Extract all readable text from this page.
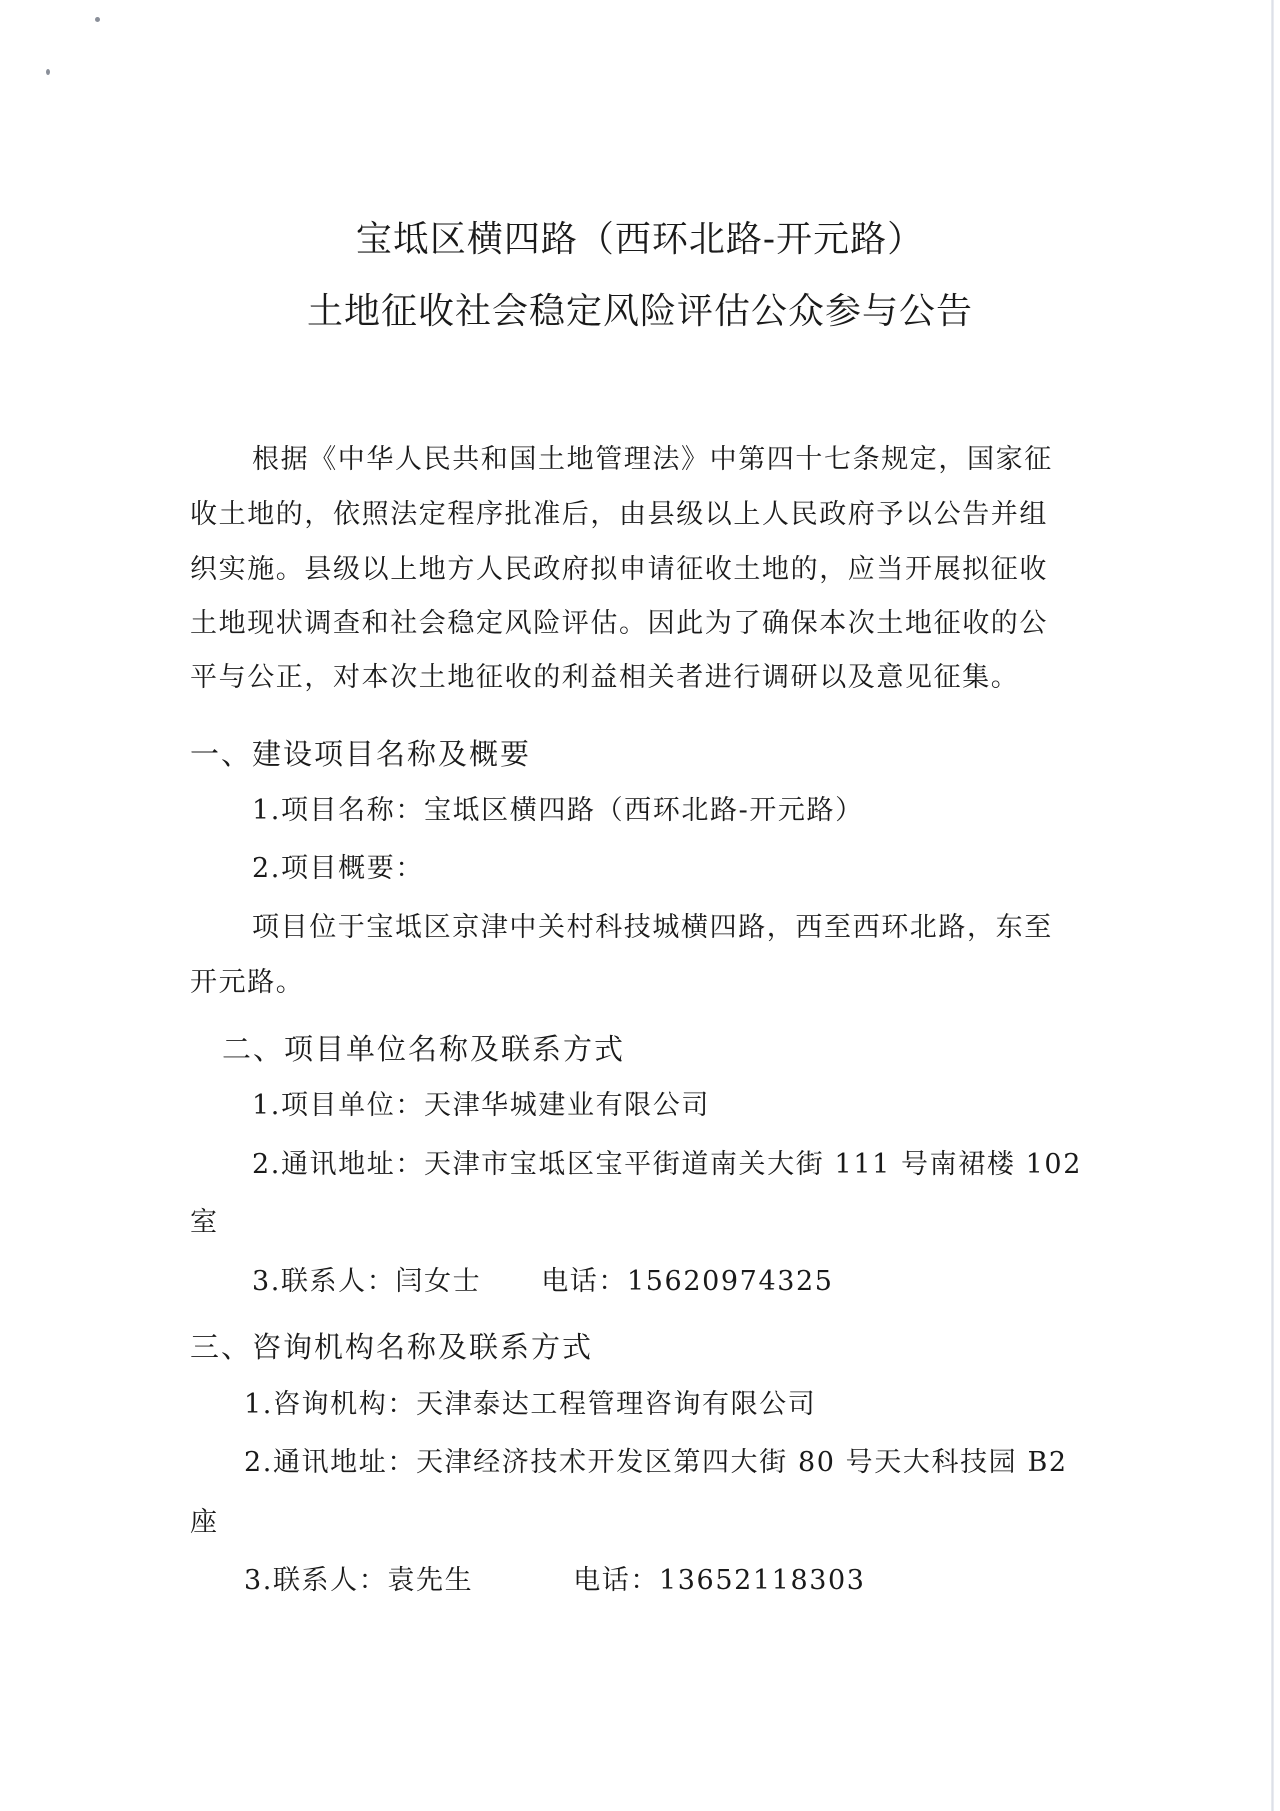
宝坻区横四路（西环北路-开元路）
土地征收社会稳定风险评估公众参与公告
根据《中华人民共和国土地管理法》中第四十七条规定，国家征
收土地的，依照法定程序批准后，由县级以上人民政府予以公告并组
织实施。县级以上地方人民政府拟申请征收土地的，应当开展拟征收
土地现状调查和社会稳定风险评估。因此为了确保本次土地征收的公
平与公正，对本次土地征收的利益相关者进行调研以及意见征集。
一、建设项目名称及概要
1.项目名称：宝坻区横四路（西环北路-开元路）
2.项目概要：
项目位于宝坻区京津中关村科技城横四路，西至西环北路，东至
开元路。
二、项目单位名称及联系方式
1.项目单位：天津华城建业有限公司
2.通讯地址：天津市宝坻区宝平街道南关大街 111 号南裙楼 102
室
3.联系人：闫女士 电话：15620974325
三、咨询机构名称及联系方式
1.咨询机构：天津泰达工程管理咨询有限公司
2.通讯地址：天津经济技术开发区第四大街 80 号天大科技园 B2
座
3.联系人：袁先生	电话：13652118303
